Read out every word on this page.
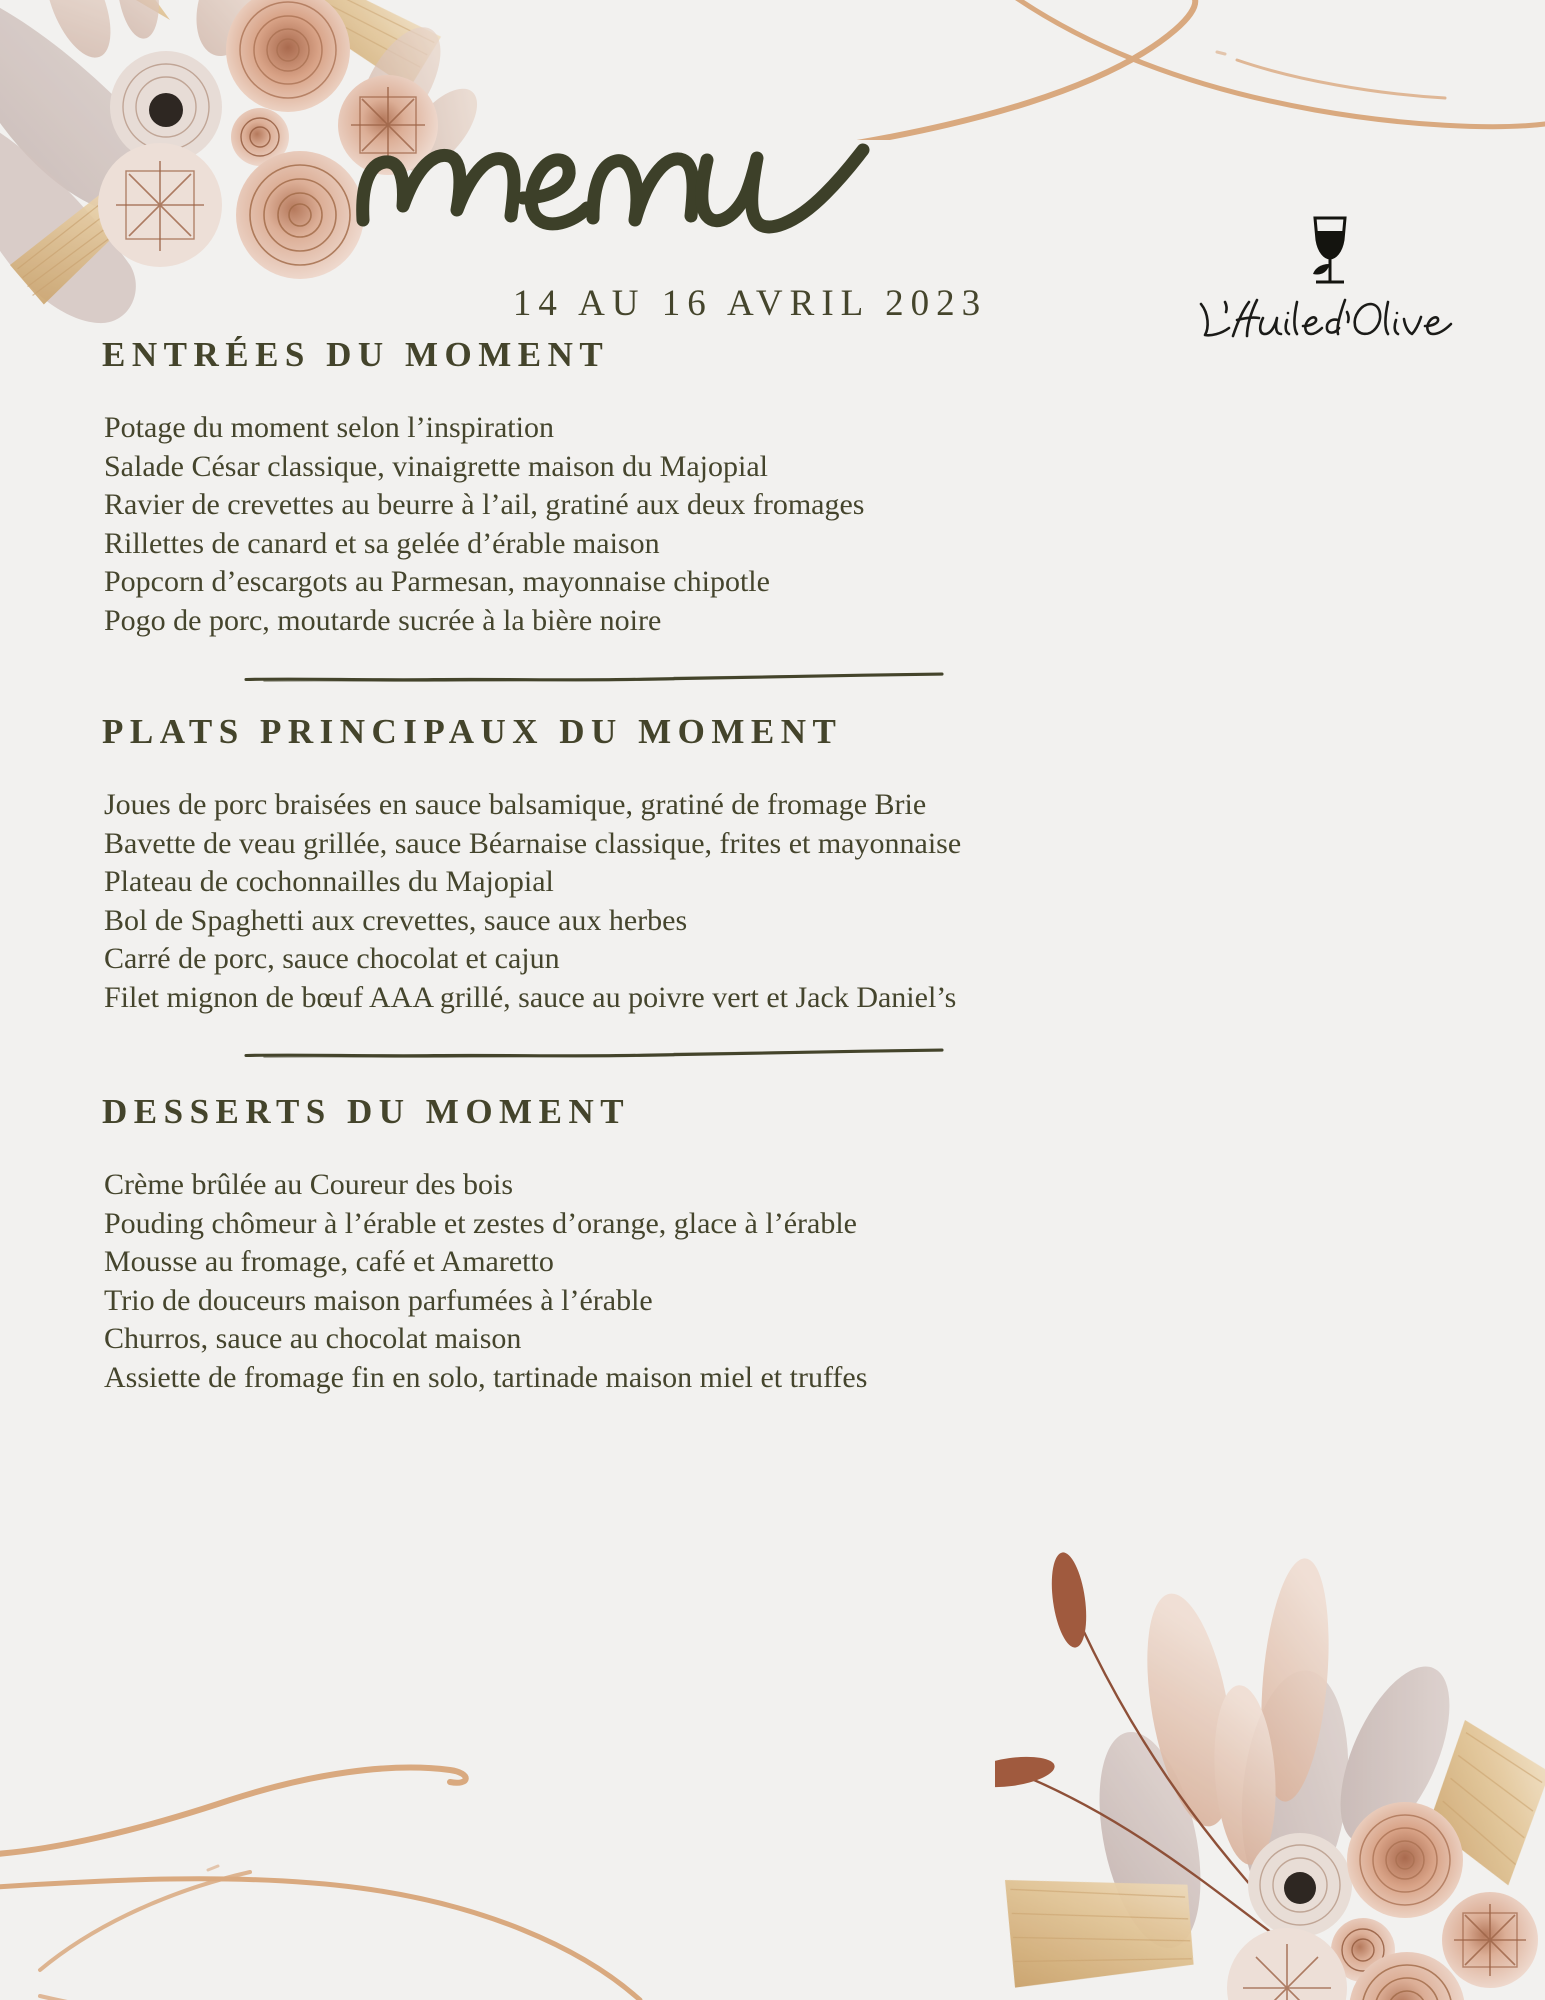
14 AU 16 AVRIL 2023
ENTRÉES DU MOMENT
Potage du moment selon l’inspiration
Salade César classique, vinaigrette maison du Majopial
Ravier de crevettes au beurre à l’ail, gratiné aux deux fromages
Rillettes de canard et sa gelée d’érable maison
Popcorn d’escargots au Parmesan, mayonnaise chipotle
Pogo de porc, moutarde sucrée à la bière noire
PLATS PRINCIPAUX DU MOMENT
Joues de porc braisées en sauce balsamique, gratiné de fromage Brie
Bavette de veau grillée, sauce Béarnaise classique, frites et mayonnaise
Plateau de cochonnailles du Majopial
Bol de Spaghetti aux crevettes, sauce aux herbes
Carré de porc, sauce chocolat et cajun
Filet mignon de bœuf AAA grillé, sauce au poivre vert et Jack Daniel’s
DESSERTS DU MOMENT
Crème brûlée au Coureur des bois
Pouding chômeur à l’érable et zestes d’orange, glace à l’érable
Mousse au fromage, café et Amaretto
Trio de douceurs maison parfumées à l’érable
Churros, sauce au chocolat maison
Assiette de fromage fin en solo, tartinade maison miel et truffes
